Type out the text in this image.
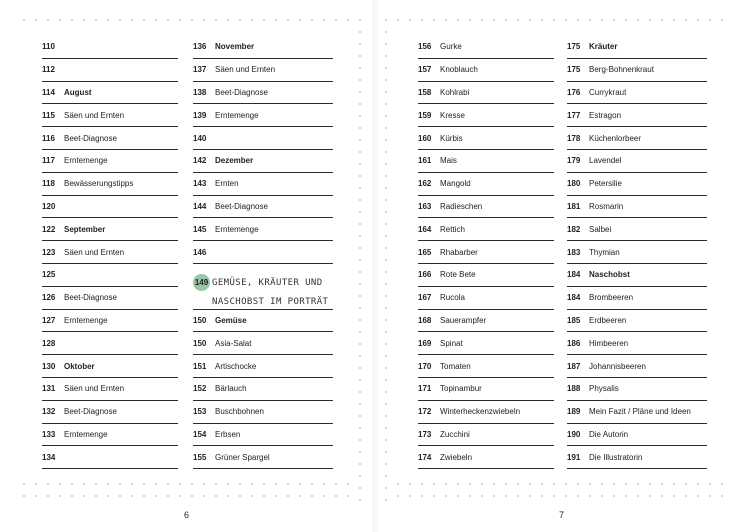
110
112
114	August
115	Säen und Ernten
116	Beet-Diagnose
117	Erntemenge
118	Bewässerungstipps
120
122	September
123	Säen und Ernten
125
126	Beet-Diagnose
127	Erntemenge
128
130	Oktober
131	Säen und Ernten
132	Beet-Diagnose
133	Erntemenge
134
136	November
137	Säen und Ernten
138	Beet-Diagnose
139	Erntemenge
140
142	Dezember
143	Ernten
144	Beet-Diagnose
145	Erntemenge
146
149 GEMÜSE, KRÄUTER UND NASCHOBST IM PORTRÄT
150	Gemüse
150	Asia-Salat
151	Artischocke
152	Bärlauch
153	Buschbohnen
154	Erbsen
155	Grüner Spargel
6
156	Gurke
157	Knoblauch
158	Kohlrabi
159	Kresse
160	Kürbis
161	Mais
162	Mangold
163	Radieschen
164	Rettich
165	Rhabarber
166	Rote Bete
167	Rucola
168	Sauerampfer
169	Spinat
170	Tomaten
171	Topinambur
172	Winterheckenzwiebeln
173	Zucchini
174	Zwiebeln
175	Kräuter
175	Berg-Bohnenkraut
176	Currykraut
177	Estragon
178	Küchenlorbeer
179	Lavendel
180	Petersilie
181	Rosmarin
182	Salbei
183	Thymian
184	Naschobst
184	Brombeeren
185	Erdbeeren
186	Himbeeren
187	Johannisbeeren
188	Physalis
189	Mein Fazit / Pläne und Ideen
190	Die Autorin
191	Die Illustratorin
7
